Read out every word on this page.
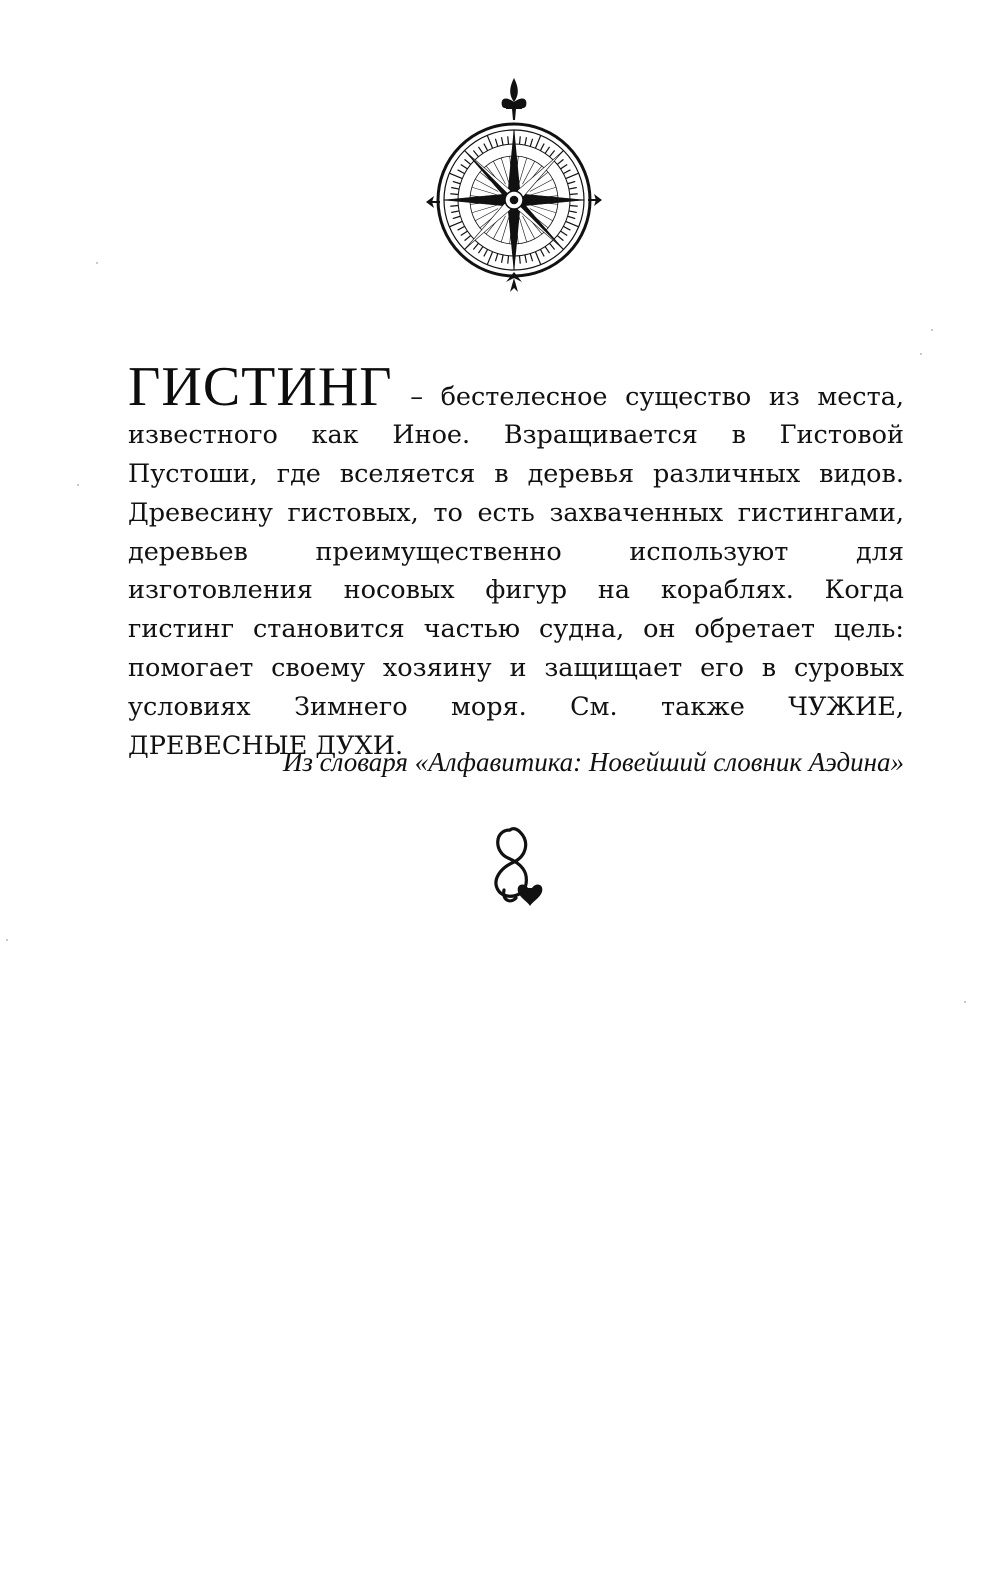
ГИСТИНГ – бестелесное существо из места, известного как Иное. Взращивается в Гистовой Пустоши, где вселяется в деревья различных видов. Древесину гистовых, то есть захваченных гистингами, деревьев преимущественно используют для изготовления носовых фигур на кораблях. Когда гистинг становится частью судна, он обретает цель: помогает своему хозяину и защищает его в суровых условиях Зимнего моря. См. также ЧУЖИЕ, ДРЕВЕСНЫЕ ДУХИ.

Из словаря «Алфавитика: Новейший словник Аэдина»
